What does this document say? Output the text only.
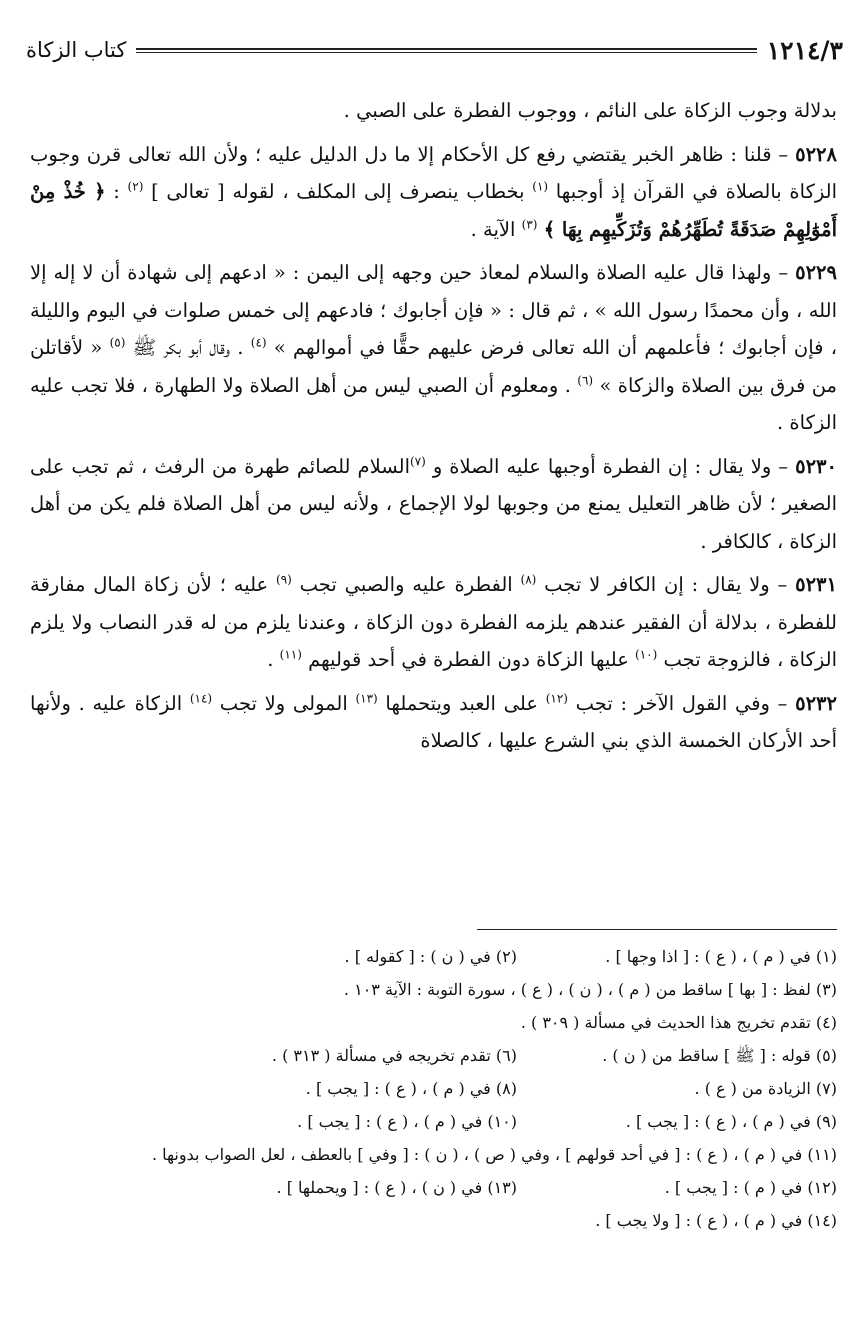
١٢١٤/٣
كتاب الزكاة

بدلالة وجوب الزكاة على النائم ، ووجوب الفطرة على الصبي .

٥٢٢٨ – قلنا : ظاهر الخبر يقتضي رفع كل الأحكام إلا ما دل الدليل عليه ؛ ولأن الله تعالى قرن وجوب الزكاة بالصلاة في القرآن إذ أوجبها $^{(١)}$ بخطاب ينصرف إلى المكلف ، لقوله [ تعالى ] $^{(٢)}$ : ﴿ خُذْ مِنْ أَمْوَٰلِهِمْ صَدَقَةً تُطَهِّرُهُمْ وَتُزَكِّيهِم بِهَا ﴾ $^{(٣)}$ الآية .

٥٢٢٩ – ولهذا قال عليه الصلاة والسلام لمعاذ حين وجهه إلى اليمن : « ادعهم إلى شهادة أن لا إله إلا الله ، وأن محمدًا رسول الله » ، ثم قال : « فإن أجابوك ؛ فادعهم إلى خمس صلوات في اليوم والليلة ، فإن أجابوك ؛ فأعلمهم أن الله تعالى فرض عليهم حقًّا في أموالهم » $^{(٤)}$ . وقال أبو بكر ﷺ $^{(٥)}$ « لأقاتلن من فرق بين الصلاة والزكاة » $^{(٦)}$ . ومعلوم أن الصبي ليس من أهل الصلاة ولا الطهارة ، فلا تجب عليه الزكاة .

٥٢٣٠ – ولا يقال : إن الفطرة أوجبها عليه الصلاة و $^{(٧)}$السلام للصائم طهرة من الرفث ، ثم تجب على الصغير ؛ لأن ظاهر التعليل يمنع من وجوبها لولا الإجماع ، ولأنه ليس من أهل الصلاة فلم يكن من أهل الزكاة ، كالكافر .

٥٢٣١ – ولا يقال : إن الكافر لا تجب $^{(٨)}$ الفطرة عليه والصبي تجب $^{(٩)}$ عليه ؛ لأن زكاة المال مفارقة للفطرة ، بدلالة أن الفقير عندهم يلزمه الفطرة دون الزكاة ، وعندنا يلزم من له قدر النصاب ولا يلزم الزكاة ، فالزوجة تجب $^{(١٠)}$ عليها الزكاة دون الفطرة في أحد قوليهم $^{(١١)}$ .

٥٢٣٢ – وفي القول الآخر : تجب $^{(١٢)}$ على العبد ويتحملها $^{(١٣)}$ المولى ولا تجب $^{(١٤)}$ الزكاة عليه . ولأنها أحد الأركان الخمسة الذي بني الشرع عليها ، كالصلاة

(١) في ( م ) ، ( ع ) : [ اذا وجها ] .
(٢) في ( ن ) : [ كقوله ] .
(٣) لفظ : [ بها ] ساقط من ( م ) ، ( ن ) ، ( ع ) ، سورة التوبة : الآية ١٠٣ .
(٤) تقدم تخريج هذا الحديث في مسألة ( ٣٠٩ ) .
(٥) قوله : [ ﷺ ] ساقط من ( ن ) .
(٦) تقدم تخريجه في مسألة ( ٣١٣ ) .
(٧) الزيادة من ( ع ) .
(٨) في ( م ) ، ( ع ) : [ يجب ] .
(٩) في ( م ) ، ( ع ) : [ يجب ] .
(١٠) في ( م ) ، ( ع ) : [ يجب ] .
(١١) في ( م ) ، ( ع ) : [ في أحد قولهم ] ، وفي ( ص ) ، ( ن ) : [ وفي ] بالعطف ، لعل الصواب بدونها .
(١٢) في ( م ) : [ يجب ] .
(١٣) في ( ن ) ، ( ع ) : [ ويحملها ] .
(١٤) في ( م ) ، ( ع ) : [ ولا يجب ] .
